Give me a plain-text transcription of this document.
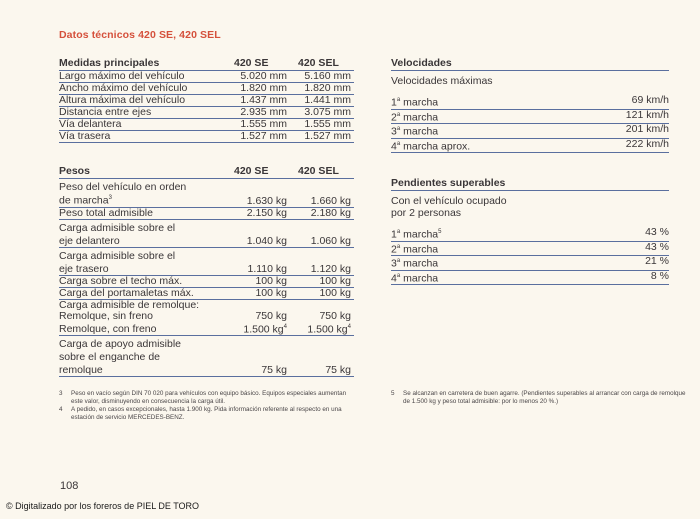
Datos técnicos 420 SE, 420 SEL
Medidas principales	420 SE	420 SEL
Largo máximo del vehículo	5.020 mm	5.160 mm
Ancho máximo del vehículo	1.820 mm	1.820 mm
Altura máxima del vehículo	1.437 mm	1.441 mm
Distancia entre ejes	2.935 mm	3.075 mm
Vía delantera	1.555 mm	1.555 mm
Vía trasera	1.527 mm	1.527 mm
Pesos	420 SE	420 SEL
Peso del vehículo en orden
de marcha$^3$	1.630 kg	1.660 kg
Peso total admisible	2.150 kg	2.180 kg
Carga admisible sobre el
eje delantero	1.040 kg	1.060 kg
Carga admisible sobre el
eje trasero	1.110 kg	1.120 kg
Carga sobre el techo máx.	100 kg	100 kg
Carga del portamaletas máx.	100 kg	100 kg
Carga admisible de remolque:
Remolque, sin freno	750 kg	750 kg
Remolque, con freno	1.500 $kg^4$	1.500 $kg^4$
Carga de apoyo admisible
sobre el enganche de
remolque	75 kg	75 kg
Velocidades
Velocidades máximas
1$^a$ marcha	69 km/h
2$^a$ marcha	121 km/h
3$^a$ marcha	201 km/h
4$^a$ marcha aprox.	222 km/h
Pendientes superables
Con el vehículo ocupado
por 2 personas
1$^a$ marcha$^5$	43 %
2$^a$ marcha	43 %
3$^a$ marcha	21 %
4$^a$ marcha	8 %
3	Peso en vacío según DIN 70 020 para vehículos con equipo básico. Equipos especiales aumentan este valor, disminuyendo en consecuencia la carga útil.
4	A pedido, en casos excepcionales, hasta 1.900 kg. Pida información referente al respecto en una estación de servicio MERCEDES-BENZ.
5	Se alcanzan en carretera de buen agarre. (Pendientes superables al arrancar con carga de remolque de 1.500 kg y peso total admisible: por lo menos 20 %.)
108
© Digitalizado por los foreros de PIEL DE TORO
